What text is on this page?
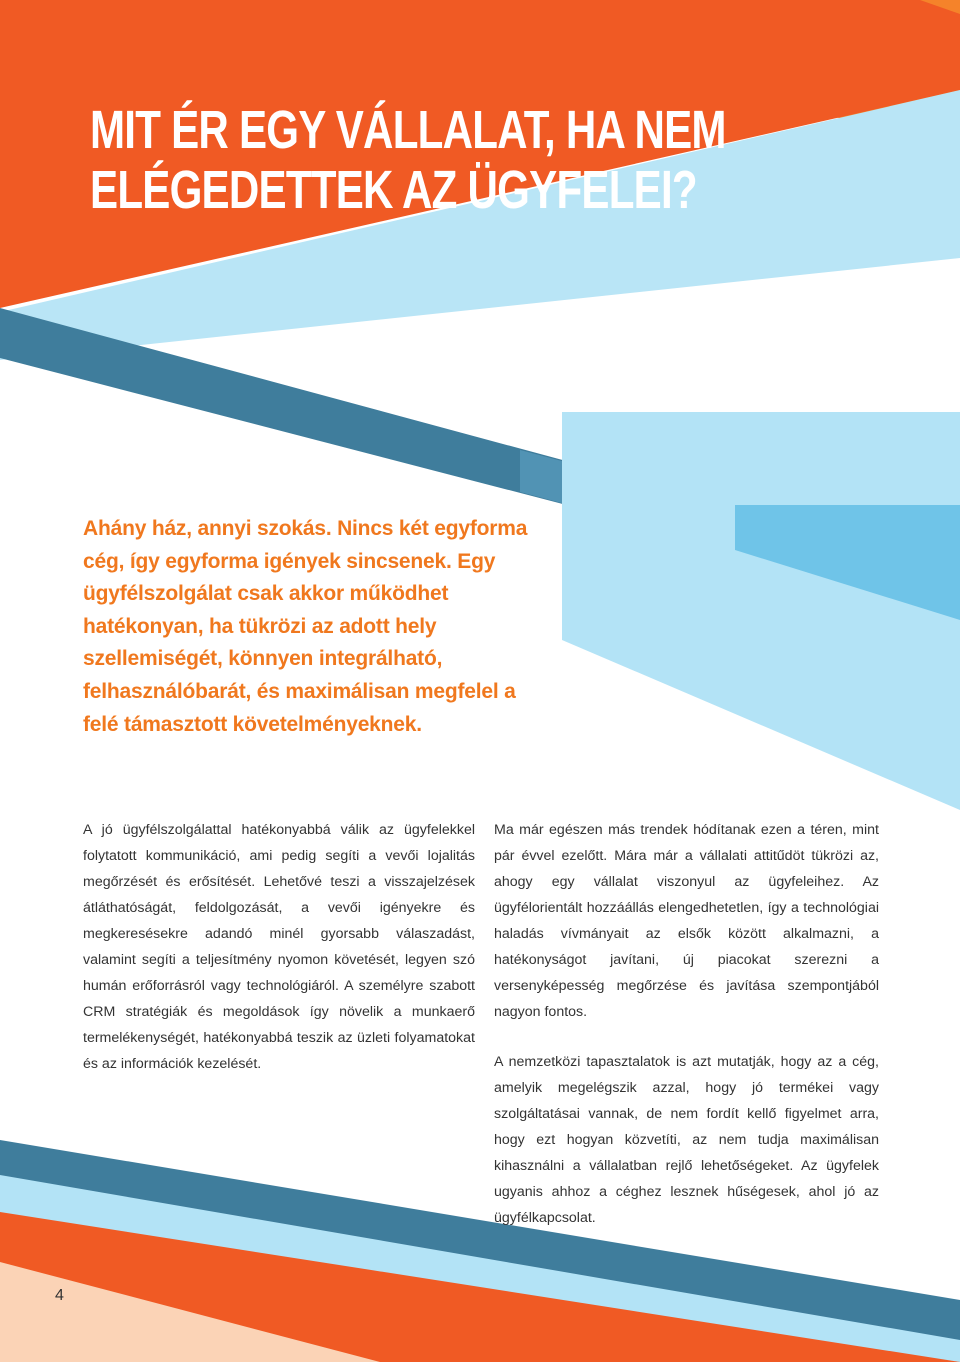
MIT ÉR EGY VÁLLALAT, HA NEM
ELÉGEDETTEK AZ ÜGYFELEI?

Ahány ház, annyi szokás. Nincs két egyforma cég, így egyforma igények sincsenek. Egy ügyfélszolgálat csak akkor működhet hatékonyan, ha tükrözi az adott hely szellemiségét, könnyen integrálható, felhasználóbarát, és maximálisan megfelel a felé támasztott követelményeknek.

A jó ügyfélszolgálattal hatékonyabbá válik az ügyfelekkel folytatott kommunikáció, ami pedig segíti a vevői lojalitás megőrzését és erősítését. Lehetővé teszi a visszajelzések átláthatóságát, feldolgozását, a vevői igényekre és megkeresésekre adandó minél gyorsabb válaszadást, valamint segíti a teljesítmény nyomon követését, legyen szó humán erőforrásról vagy technológiáról. A személyre szabott CRM stratégiák és megoldások így növelik a munkaerő termelékenységét, hatékonyabbá teszik az üzleti folyamatokat és az információk kezelését.

Ma már egészen más trendek hódítanak ezen a téren, mint pár évvel ezelőtt. Mára már a vállalati attitűdöt tükrözi az, ahogy egy vállalat viszonyul az ügyfeleihez. Az ügyfélorientált hozzáállás elengedhetetlen, így a technológiai haladás vívmányait az elsők között alkalmazni, a hatékonyságot javítani, új piacokat szerezni a versenyképesség megőrzése és javítása szempontjából nagyon fontos.

A nemzetközi tapasztalatok is azt mutatják, hogy az a cég, amelyik megelégszik azzal, hogy jó termékei vagy szolgáltatásai vannak, de nem fordít kellő figyelmet arra, hogy ezt hogyan közvetíti, az nem tudja maximálisan kihasználni a vállalatban rejlő lehetőségeket. Az ügyfelek ugyanis ahhoz a céghez lesznek hűségesek, ahol jó az ügyfélkapcsolat.

4
